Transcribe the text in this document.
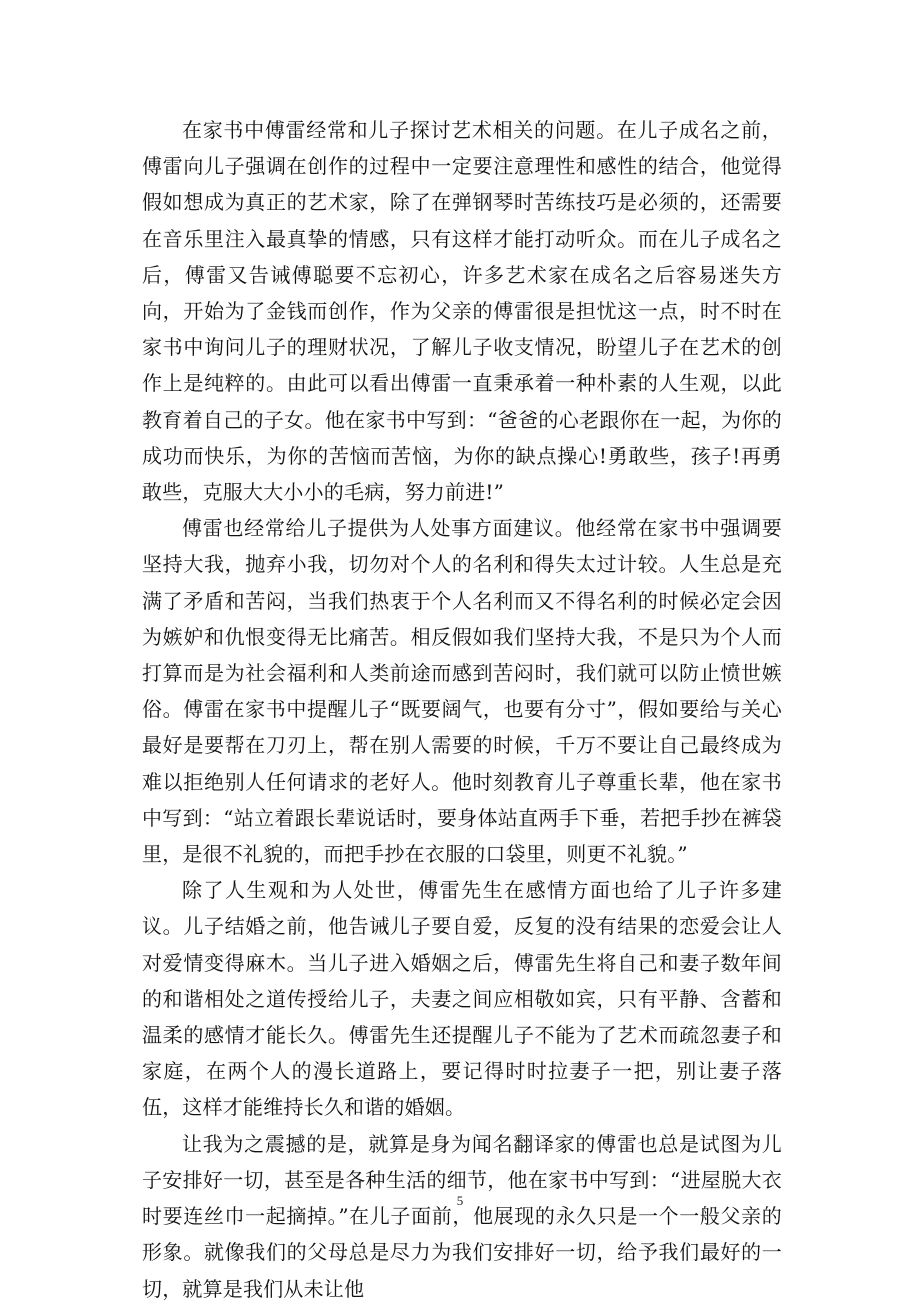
在家书中傅雷经常和儿子探讨艺术相关的问题。在儿子成名之前，傅雷向儿子强调在创作的过程中一定要注意理性和感性的结合，他觉得假如想成为真正的艺术家，除了在弹钢琴时苦练技巧是必须的，还需要在音乐里注入最真挚的情感，只有这样才能打动听众。而在儿子成名之后，傅雷又告诫傅聪要不忘初心，许多艺术家在成名之后容易迷失方向，开始为了金钱而创作，作为父亲的傅雷很是担忧这一点，时不时在家书中询问儿子的理财状况，了解儿子收支情况，盼望儿子在艺术的创作上是纯粹的。由此可以看出傅雷一直秉承着一种朴素的人生观，以此教育着自己的子女。他在家书中写到：“爸爸的心老跟你在一起，为你的成功而快乐，为你的苦恼而苦恼，为你的缺点操心!勇敢些，孩子!再勇敢些，克服大大小小的毛病，努力前进!”

傅雷也经常给儿子提供为人处事方面建议。他经常在家书中强调要坚持大我，抛弃小我，切勿对个人的名利和得失太过计较。人生总是充满了矛盾和苦闷，当我们热衷于个人名利而又不得名利的时候必定会因为嫉妒和仇恨变得无比痛苦。相反假如我们坚持大我，不是只为个人而打算而是为社会福利和人类前途而感到苦闷时，我们就可以防止愤世嫉俗。傅雷在家书中提醒儿子“既要阔气，也要有分寸”，假如要给与关心最好是要帮在刀刃上，帮在别人需要的时候，千万不要让自己最终成为难以拒绝别人任何请求的老好人。他时刻教育儿子尊重长辈，他在家书中写到：“站立着跟长辈说话时，要身体站直两手下垂，若把手抄在裤袋里，是很不礼貌的，而把手抄在衣服的口袋里，则更不礼貌。”

除了人生观和为人处世，傅雷先生在感情方面也给了儿子许多建议。儿子结婚之前，他告诫儿子要自爱，反复的没有结果的恋爱会让人对爱情变得麻木。当儿子进入婚姻之后，傅雷先生将自己和妻子数年间的和谐相处之道传授给儿子，夫妻之间应相敬如宾，只有平静、含蓄和温柔的感情才能长久。傅雷先生还提醒儿子不能为了艺术而疏忽妻子和家庭，在两个人的漫长道路上，要记得时时拉妻子一把，别让妻子落伍，这样才能维持长久和谐的婚姻。

让我为之震撼的是，就算是身为闻名翻译家的傅雷也总是试图为儿子安排好一切，甚至是各种生活的细节，他在家书中写到：“进屋脱大衣时要连丝巾一起摘掉。”在儿子面前，他展现的永久只是一个一般父亲的形象。就像我们的父母总是尽力为我们安排好一切，给予我们最好的一切，就算是我们从未让他

5
